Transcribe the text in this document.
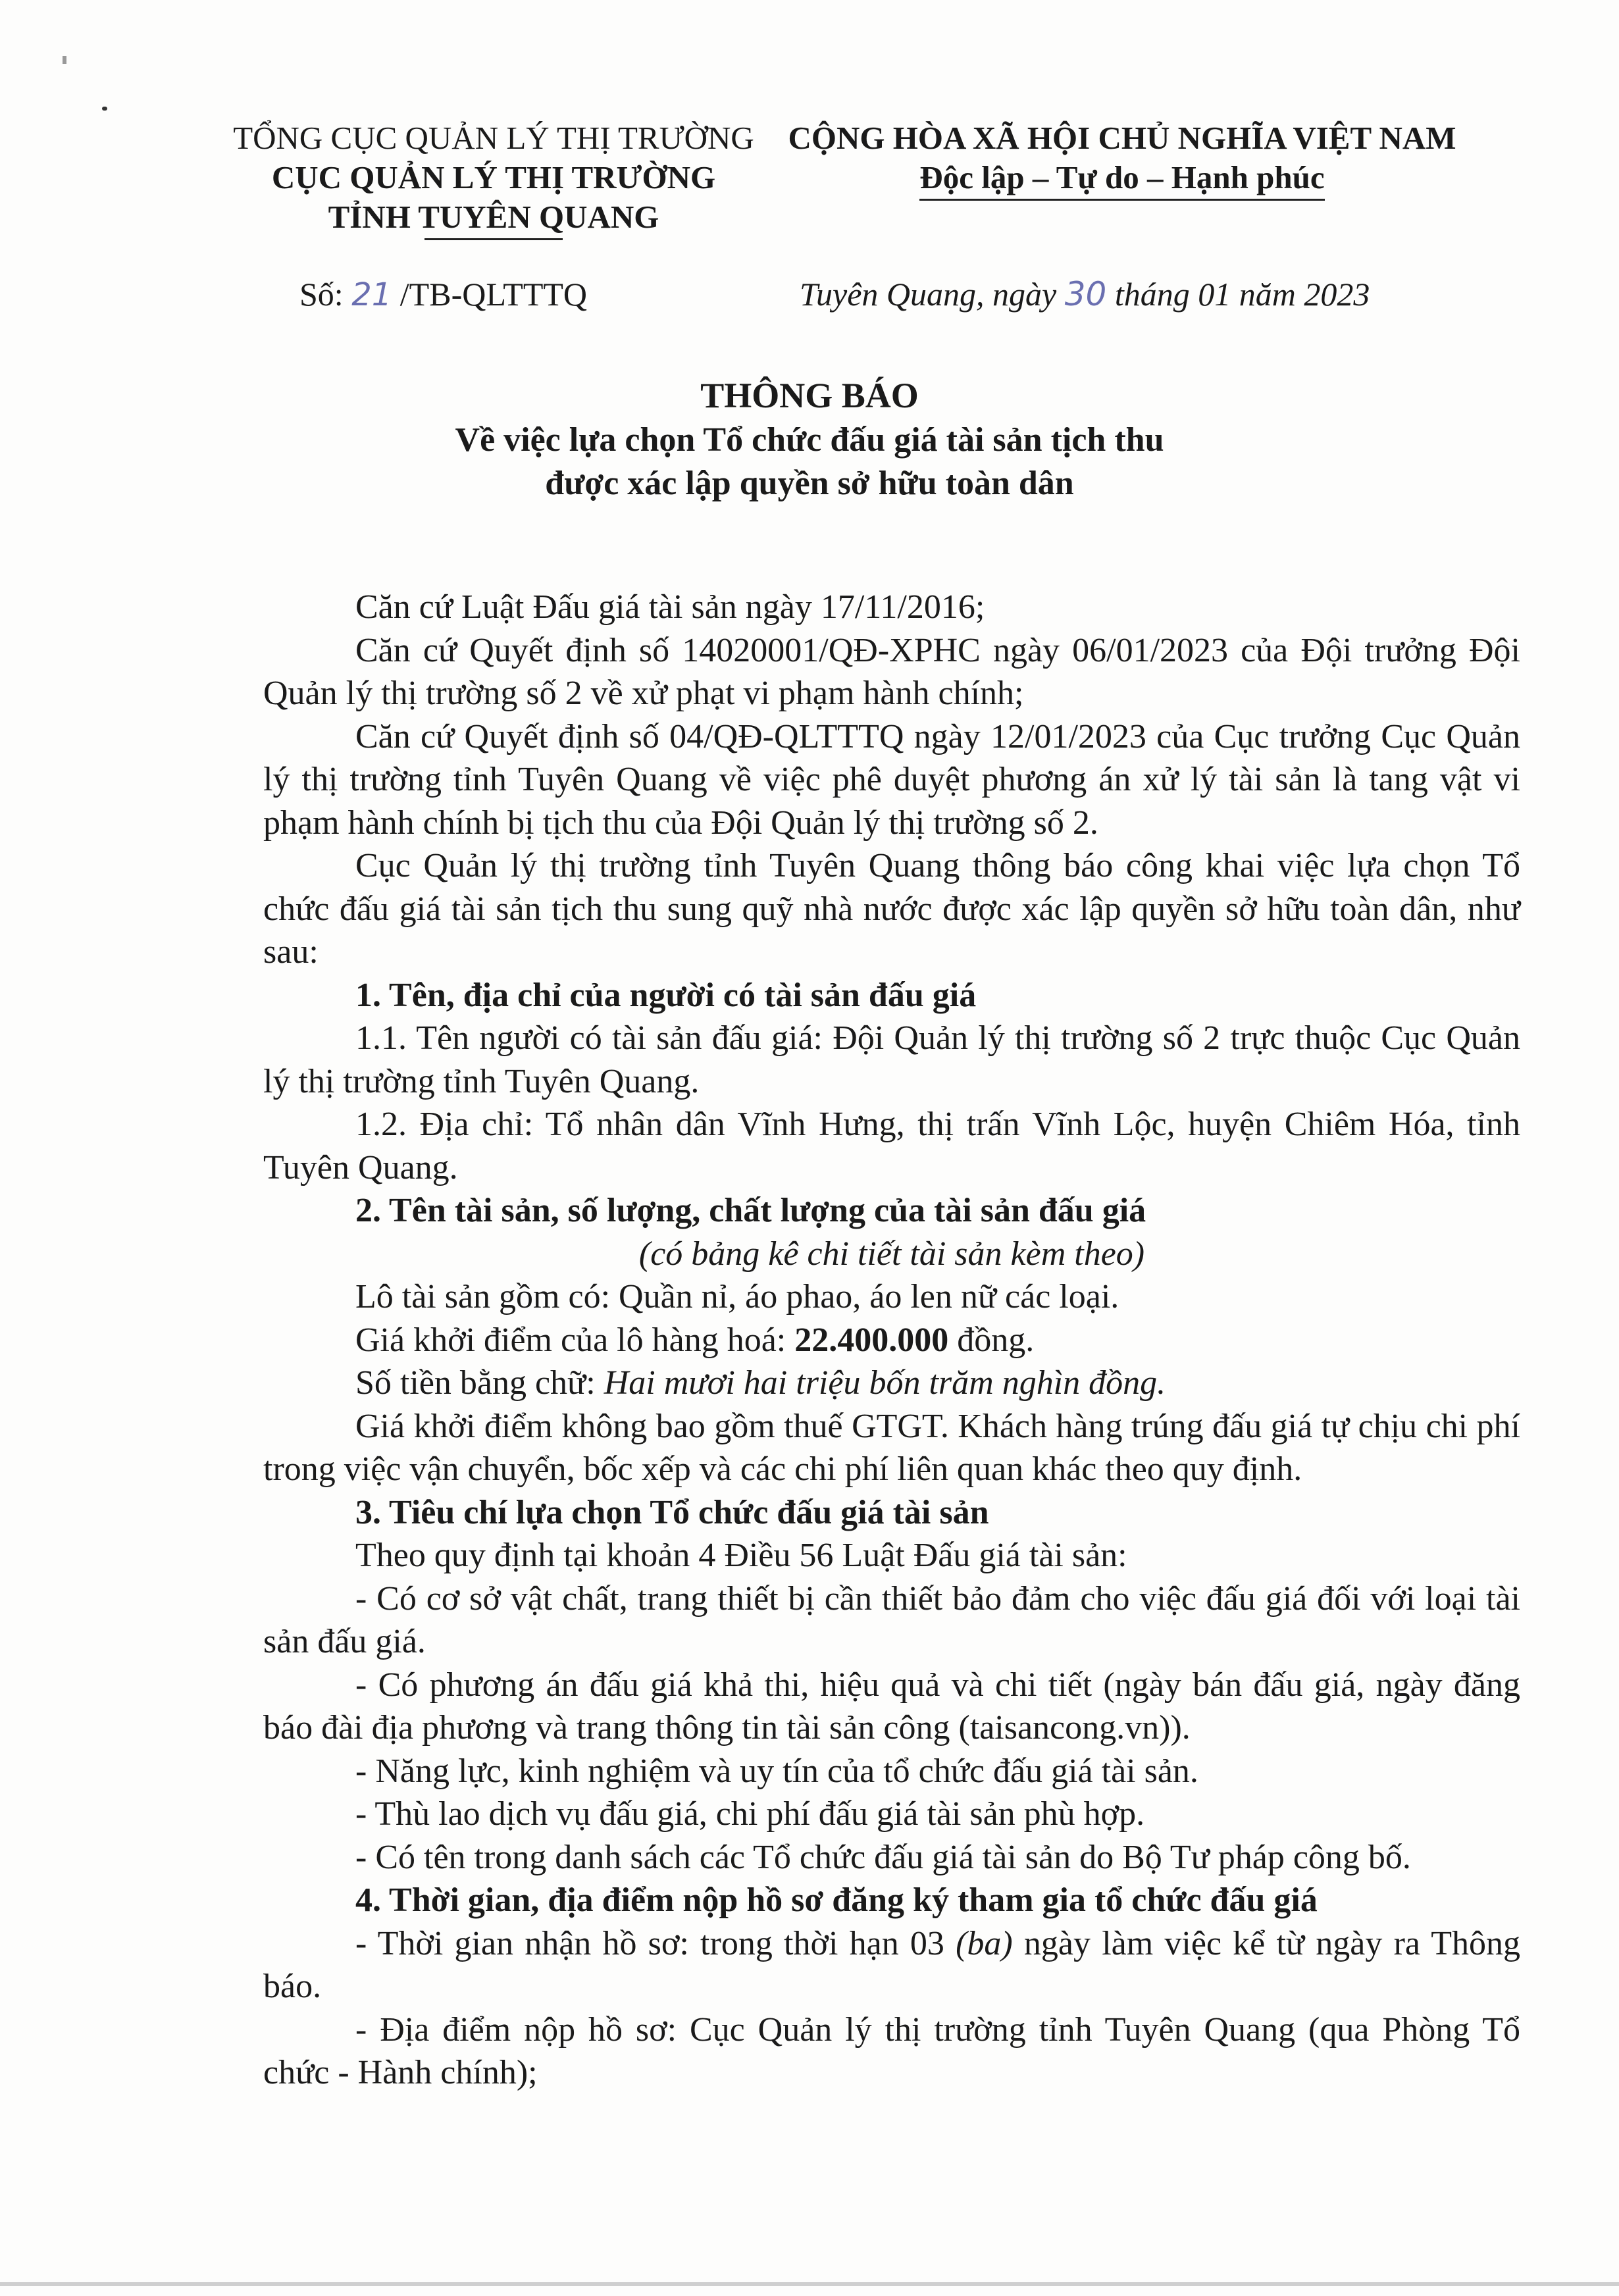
TỔNG CỤC QUẢN LÝ THỊ TRƯỜNG
CỤC QUẢN LÝ THỊ TRƯỜNG
TỈNH TUYÊN QUANG
CỘNG HÒA XÃ HỘI CHỦ NGHĨA VIỆT NAM
Độc lập – Tự do – Hạnh phúc
Số: 21 /TB-QLTTTQ	Tuyên Quang, ngày 30 tháng 01 năm 2023
THÔNG BÁO
Về việc lựa chọn Tổ chức đấu giá tài sản tịch thu
được xác lập quyền sở hữu toàn dân

Căn cứ Luật Đấu giá tài sản ngày 17/11/2016;

Căn cứ Quyết định số 14020001/QĐ-XPHC ngày 06/01/2023 của Đội trưởng Đội Quản lý thị trường số 2 về xử phạt vi phạm hành chính;

Căn cứ Quyết định số 04/QĐ-QLTTTQ ngày 12/01/2023 của Cục trưởng Cục Quản lý thị trường tỉnh Tuyên Quang về việc phê duyệt phương án xử lý tài sản là tang vật vi phạm hành chính bị tịch thu của Đội Quản lý thị trường số 2.

Cục Quản lý thị trường tỉnh Tuyên Quang thông báo công khai việc lựa chọn Tổ chức đấu giá tài sản tịch thu sung quỹ nhà nước được xác lập quyền sở hữu toàn dân, như sau:

1. Tên, địa chỉ của người có tài sản đấu giá

1.1. Tên người có tài sản đấu giá: Đội Quản lý thị trường số 2 trực thuộc Cục Quản lý thị trường tỉnh Tuyên Quang.

1.2. Địa chỉ: Tổ nhân dân Vĩnh Hưng, thị trấn Vĩnh Lộc, huyện Chiêm Hóa, tỉnh Tuyên Quang.

2. Tên tài sản, số lượng, chất lượng của tài sản đấu giá

(có bảng kê chi tiết tài sản kèm theo)

Lô tài sản gồm có: Quần nỉ, áo phao, áo len nữ các loại.

Giá khởi điểm của lô hàng hoá: 22.400.000 đồng.

Số tiền bằng chữ: Hai mươi hai triệu bốn trăm nghìn đồng.

Giá khởi điểm không bao gồm thuế GTGT. Khách hàng trúng đấu giá tự chịu chi phí trong việc vận chuyển, bốc xếp và các chi phí liên quan khác theo quy định.

3. Tiêu chí lựa chọn Tổ chức đấu giá tài sản

Theo quy định tại khoản 4 Điều 56 Luật Đấu giá tài sản:

- Có cơ sở vật chất, trang thiết bị cần thiết bảo đảm cho việc đấu giá đối với loại tài sản đấu giá.

- Có phương án đấu giá khả thi, hiệu quả và chi tiết (ngày bán đấu giá, ngày đăng báo đài địa phương và trang thông tin tài sản công (taisancong.vn)).

- Năng lực, kinh nghiệm và uy tín của tổ chức đấu giá tài sản.

- Thù lao dịch vụ đấu giá, chi phí đấu giá tài sản phù hợp.

- Có tên trong danh sách các Tổ chức đấu giá tài sản do Bộ Tư pháp công bố.

4. Thời gian, địa điểm nộp hồ sơ đăng ký tham gia tổ chức đấu giá

- Thời gian nhận hồ sơ: trong thời hạn 03 (ba) ngày làm việc kể từ ngày ra Thông báo.

- Địa điểm nộp hồ sơ: Cục Quản lý thị trường tỉnh Tuyên Quang (qua Phòng Tổ chức - Hành chính);
